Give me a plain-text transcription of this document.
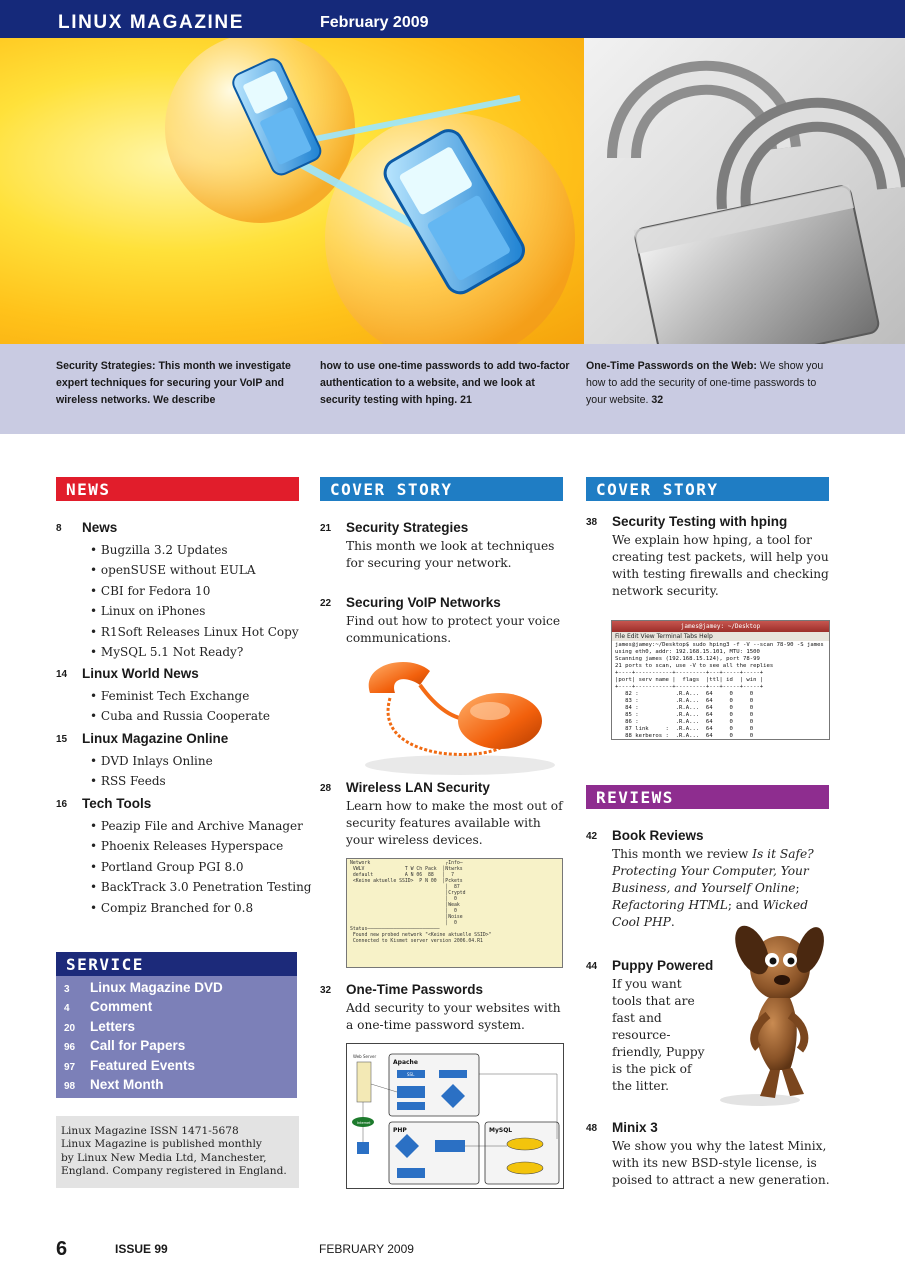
LINUX MAGAZINE	February 2009
Security Strategies: This month we investigate expert techniques for securing your VoIP and wireless networks. We describe
how to use one-time passwords to add two-factor authentication to a website, and we look at security testing with hping. 21
One-Time Passwords on the Web: We show you how to add the security of one-time passwords to your website. 32
NEWS
8 News
• Bugzilla 3.2 Updates
• openSUSE without EULA
• CBI for Fedora 10
• Linux on iPhones
• R1Soft Releases Linux Hot Copy
• MySQL 5.1 Not Ready?
14 Linux World News
• Feminist Tech Exchange
• Cuba and Russia Cooperate
15 Linux Magazine Online
• DVD Inlays Online
• RSS Feeds
16 Tech Tools
• Peazip File and Archive Manager
• Phoenix Releases Hyperspace
• Portland Group PGI 8.0
• BackTrack 3.0 Penetration Testing
• Compiz Branched for 0.8
SERVICE
3	Linux Magazine DVD
4	Comment
20	Letters
96	Call for Papers
97	Featured Events
98	Next Month
Linux Magazine ISSN 1471-5678
Linux Magazine is published monthly
by Linux New Media Ltd, Manchester,
England. Company registered in England.
COVER STORY
21 Security Strategies
This month we look at techniques for securing your network.
22 Securing VoIP Networks
Find out how to protect your voice communications.
28 Wireless LAN Security
Learn how to make the most out of security features available with your wireless devices.
Network                          ┌Info─
VWLV              T W Ch Pack  │Ntwrks
default           A N 06  88   │  7
<Keine aktuelle SSID>  P N 00  │Pckets
│  87
│Cryptd
│  0
│Weak
│  0
│Noise
│  0
Status─────────────────────────
Found new probed network "<Keine aktuelle SSID>"
Connected to Kismet server version 2006.04.R1
32 One-Time Passwords
Add security to your websites with a one-time password system.
Web Server
Internet
Apache
SSL
PHP	MySQL
COVER STORY
38 Security Testing with hping
We explain how hping, a tool for creating test packets, will help you with testing firewalls and checking network security.
james@jamey: ~/Desktop
File Edit View Terminal Tabs Help
james@jamey:~/Desktop$ sudo hping3 -f -V --scan 78-90 -S james
using eth0, addr: 192.168.15.101, MTU: 1500
Scanning james (192.168.15.124), port 78-99
21 ports to scan, use -V to see all the replies
+----+-----------+---------+---+-----+-----+
|port| serv name |  flags  |ttl| id  | win |
+----+-----------+---------+---+-----+-----+
82 :           .R.A...  64     0     0
83 :           .R.A...  64     0     0
84 :           .R.A...  64     0     0
85 :           .R.A...  64     0     0
86 :           .R.A...  64     0     0
87 link     :  .R.A...  64     0     0
88 kerberos :  .R.A...  64     0     0
REVIEWS
42 Book Reviews
This month we review Is it Safe? Protecting Your Computer, Your Business, and Yourself Online; Refactoring HTML; and Wicked Cool PHP.
44 Puppy Powered
If you want tools that are fast and resource-friendly, Puppy is the pick of the litter.
48 Minix 3
We show you why the latest Minix, with its new BSD-style license, is poised to attract a new generation.
6	ISSUE 99	FEBRUARY 2009
